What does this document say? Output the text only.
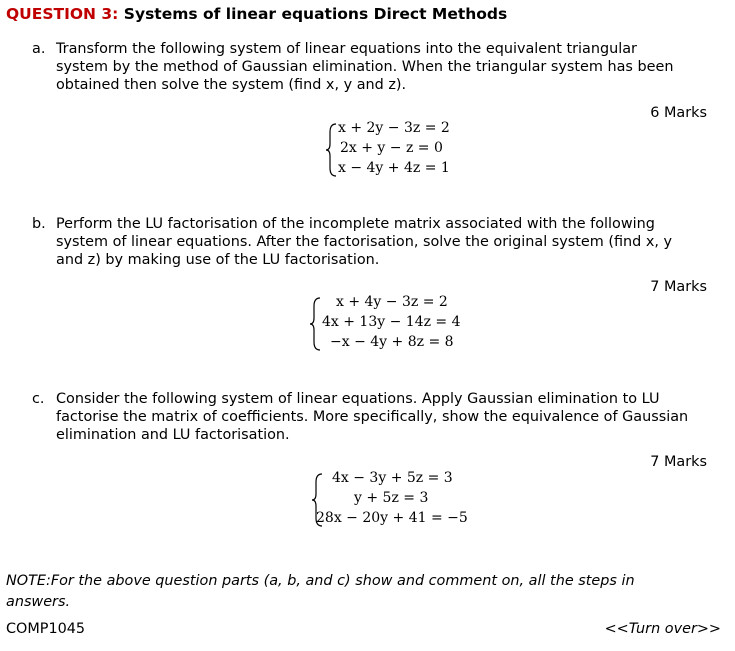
QUESTION 3: Systems of linear equations Direct Methods
a. Transform the following system of linear equations into the equivalent triangular
system by the method of Gaussian elimination. When the triangular system has been
obtained then solve the system (find x, y and z).
6 Marks
x + 2y − 3z = 2
2x + y − z = 0
x − 4y + 4z = 1
b. Perform the LU factorisation of the incomplete matrix associated with the following
system of linear equations. After the factorisation, solve the original system (find x, y
and z) by making use of the LU factorisation.
7 Marks
x + 4y − 3z = 2
4x + 13y − 14z = 4
−x − 4y + 8z = 8
c. Consider the following system of linear equations. Apply Gaussian elimination to LU
factorise the matrix of coefficients. More specifically, show the equivalence of Gaussian
elimination and LU factorisation.
7 Marks
4x − 3y + 5z = 3
y + 5z = 3
28x − 20y + 41 = −5
NOTE:For the above question parts (a, b, and c) show and comment on, all the steps in
answers.
COMP1045	<<Turn over>>
